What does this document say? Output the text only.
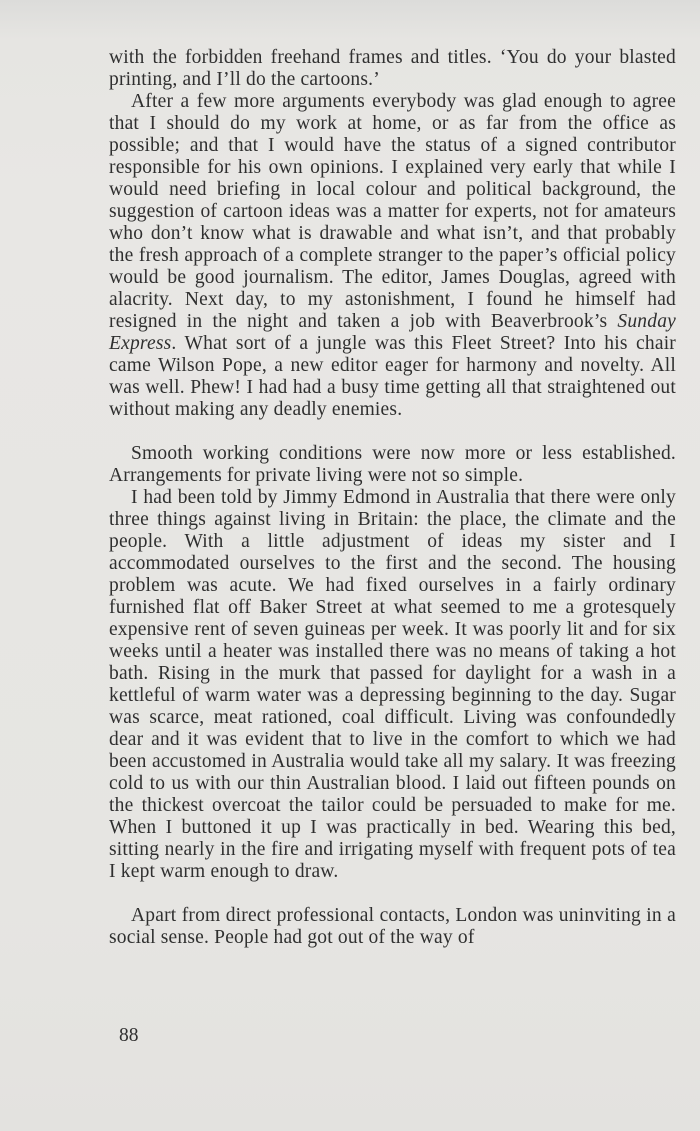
with the forbidden freehand frames and titles. ‘You do your blasted printing, and I’ll do the cartoons.’

After a few more arguments everybody was glad enough to agree that I should do my work at home, or as far from the office as possible; and that I would have the status of a signed contributor responsible for his own opinions. I explained very early that while I would need briefing in local colour and political background, the suggestion of cartoon ideas was a matter for experts, not for amateurs who don’t know what is drawable and what isn’t, and that probably the fresh approach of a complete stranger to the paper’s official policy would be good journalism. The editor, James Douglas, agreed with alacrity. Next day, to my astonishment, I found he himself had resigned in the night and taken a job with Beaverbrook’s Sunday Express. What sort of a jungle was this Fleet Street? Into his chair came Wilson Pope, a new editor eager for harmony and novelty. All was well. Phew! I had had a busy time getting all that straightened out without making any deadly enemies.

Smooth working conditions were now more or less established. Arrangements for private living were not so simple.

I had been told by Jimmy Edmond in Australia that there were only three things against living in Britain: the place, the climate and the people. With a little adjustment of ideas my sister and I accommodated ourselves to the first and the second. The housing problem was acute. We had fixed ourselves in a fairly ordinary furnished flat off Baker Street at what seemed to me a grotesquely expensive rent of seven guineas per week. It was poorly lit and for six weeks until a heater was installed there was no means of taking a hot bath. Rising in the murk that passed for daylight for a wash in a kettleful of warm water was a depressing beginning to the day. Sugar was scarce, meat rationed, coal difficult. Living was confoundedly dear and it was evident that to live in the comfort to which we had been accustomed in Australia would take all my salary. It was freezing cold to us with our thin Australian blood. I laid out fifteen pounds on the thickest overcoat the tailor could be persuaded to make for me. When I buttoned it up I was practically in bed. Wearing this bed, sitting nearly in the fire and irrigating myself with frequent pots of tea I kept warm enough to draw.

Apart from direct professional contacts, London was uninviting in a social sense. People had got out of the way of

88
